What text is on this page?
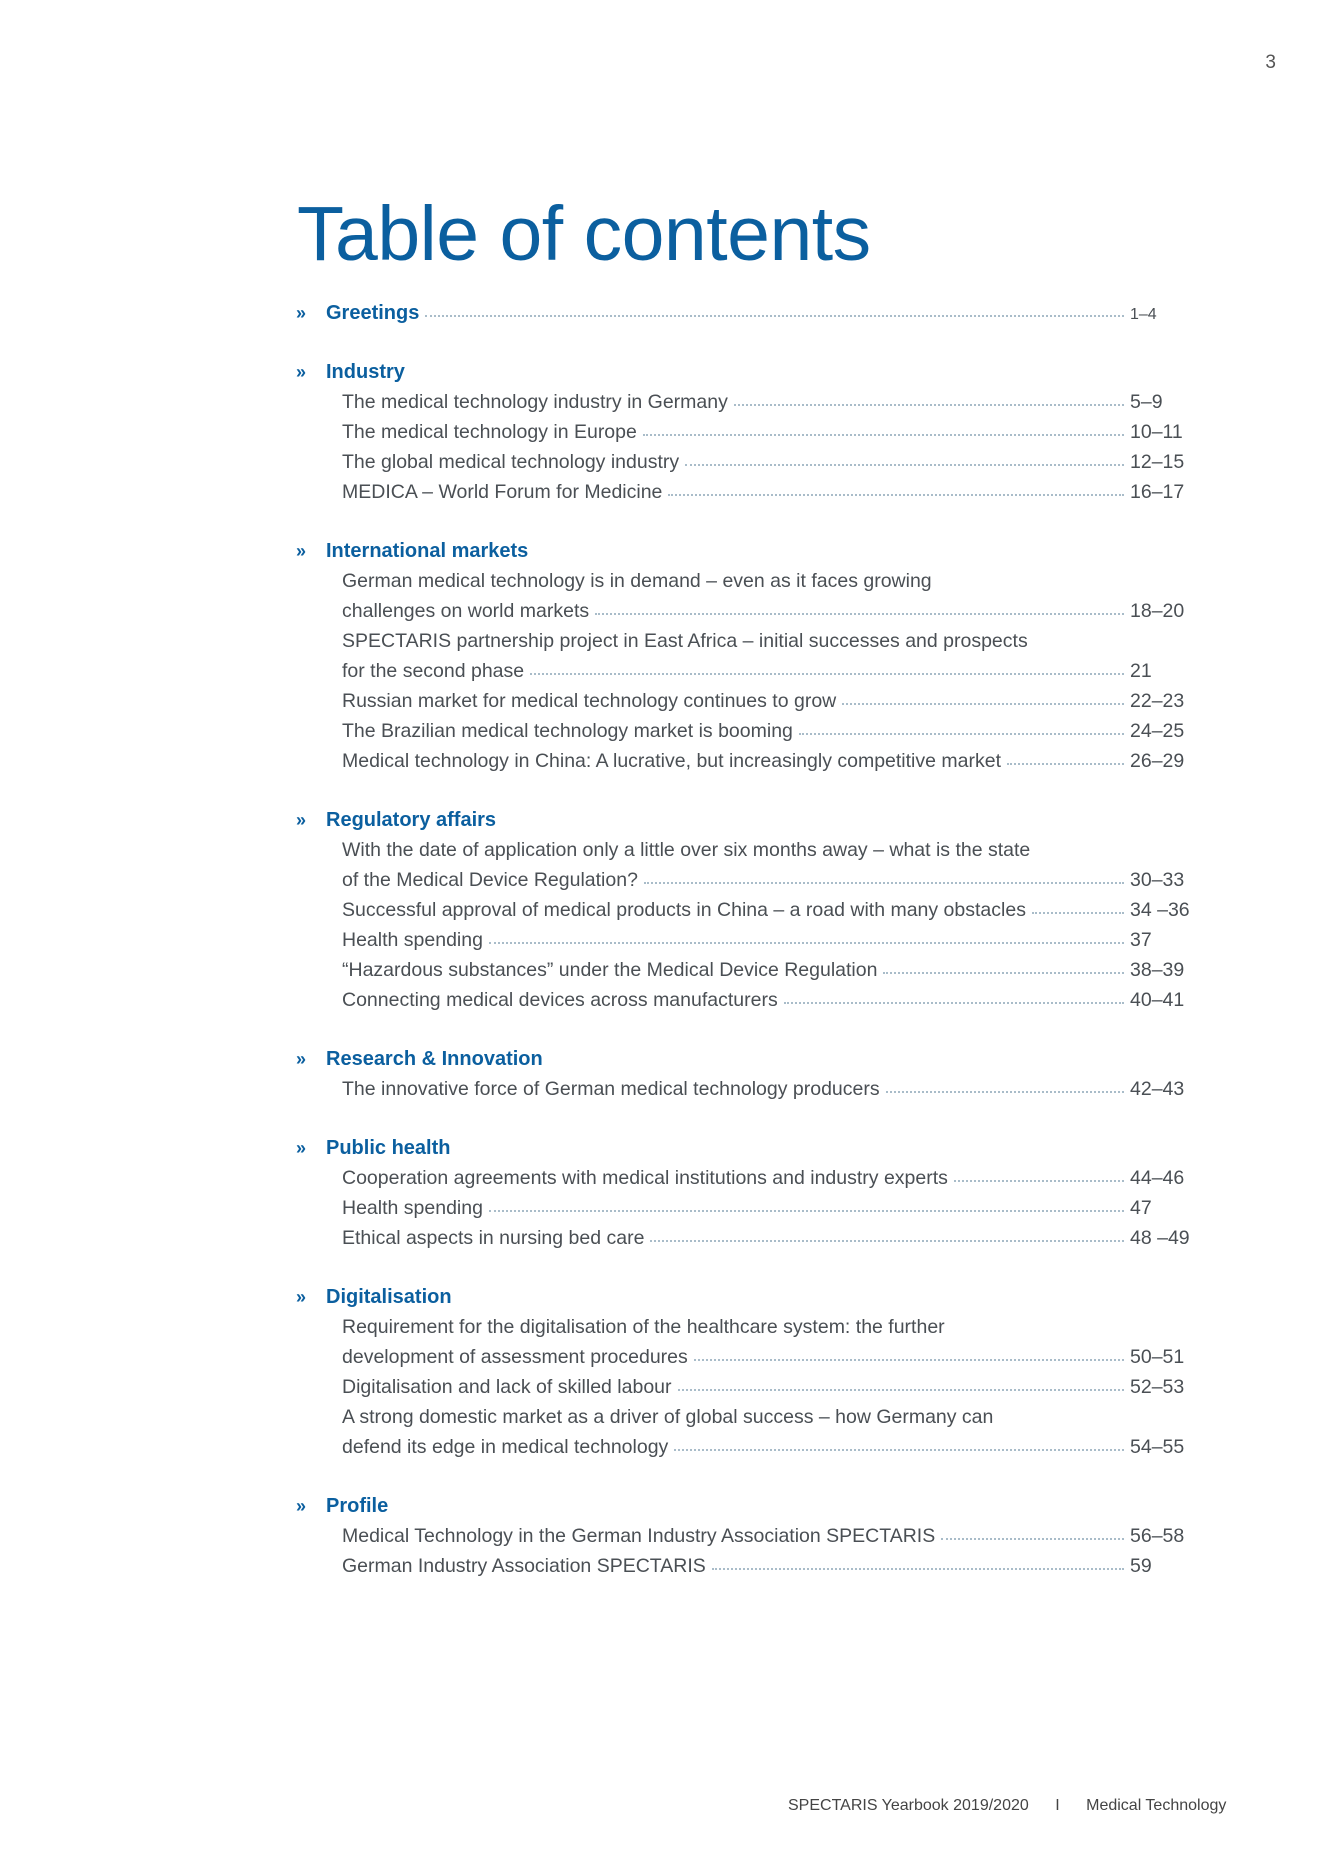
3
Table of contents
» Greetings	1–4
» Industry
The medical technology industry in Germany	5–9
The medical technology in Europe	10–11
The global medical technology industry	12–15
MEDICA – World Forum for Medicine	16–17
» International markets
German medical technology is in demand – even as it faces growing
challenges on world markets	18–20
SPECTARIS partnership project in East Africa – initial successes and prospects
for the second phase	21
Russian market for medical technology continues to grow	22–23
The Brazilian medical technology market is booming	24–25
Medical technology in China: A lucrative, but increasingly competitive market	26–29
» Regulatory affairs
With the date of application only a little over six months away – what is the state
of the Medical Device Regulation?	30–33
Successful approval of medical products in China – a road with many obstacles	34 –36
Health spending	37
“Hazardous substances” under the Medical Device Regulation	38–39
Connecting medical devices across manufacturers	40–41
» Research & Innovation
The innovative force of German medical technology producers	42–43
» Public health
Cooperation agreements with medical institutions and industry experts	44–46
Health spending	47
Ethical aspects in nursing bed care	48 –49
» Digitalisation
Requirement for the digitalisation of the healthcare system: the further
development of assessment procedures	50–51
Digitalisation and lack of skilled labour	52–53
A strong domestic market as a driver of global success – how Germany can
defend its edge in medical technology	54–55
» Profile
Medical Technology in the German Industry Association SPECTARIS	56–58
German Industry Association SPECTARIS	59
SPECTARIS Yearbook 2019/2020 I Medical Technology
